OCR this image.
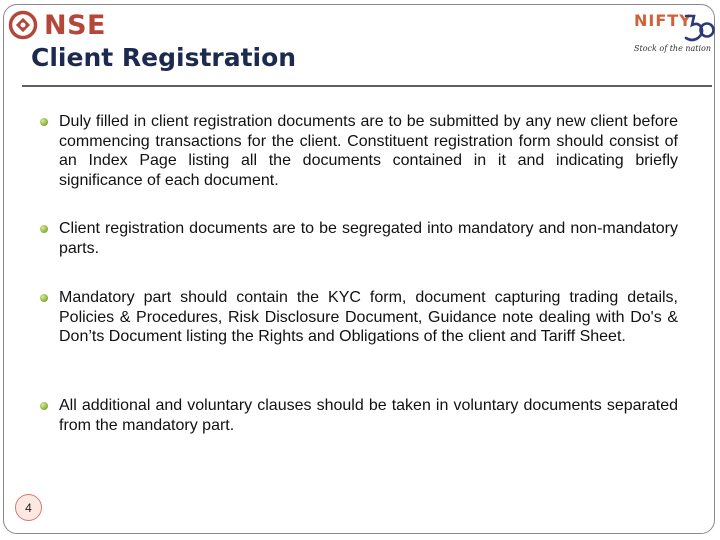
NSE
Client Registration
NIFTY
Stock of the nation
Duly filled in client registration documents are to be submitted by any new client before commencing transactions for the client. Constituent registration form should consist of an Index Page listing all the documents contained in it and indicating briefly significance of each document.
Client registration documents are to be segregated into mandatory and non-mandatory parts.
Mandatory part should contain the KYC form, document capturing trading details, Policies & Procedures, Risk Disclosure Document, Guidance note dealing with Do's & Don’ts Document listing the Rights and Obligations of the client and Tariff Sheet.
All additional and voluntary clauses should be taken in voluntary documents separated from the mandatory part.
4
